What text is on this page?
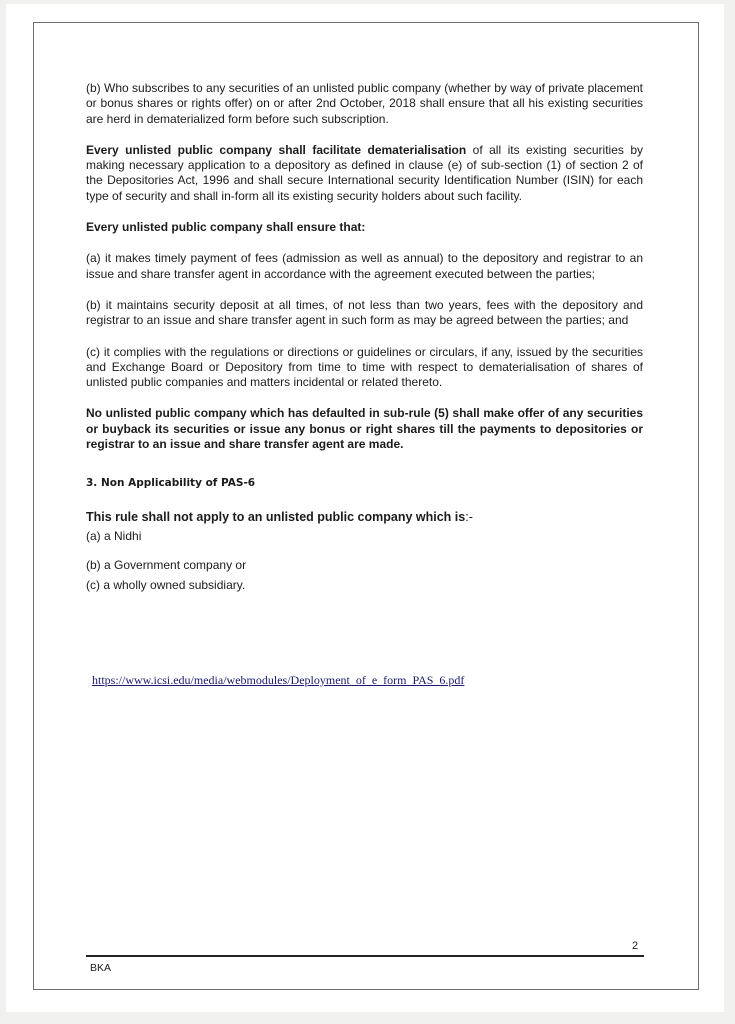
(b) Who subscribes to any securities of an unlisted public company (whether by way of private placement or bonus shares or rights offer) on or after 2nd October, 2018 shall ensure that all his existing securities are herd in dematerialized form before such subscription.

Every unlisted public company shall facilitate dematerialisation of all its existing securities by making necessary application to a depository as defined in clause (e) of sub-section (1) of section 2 of the Depositories Act, 1996 and shall secure International security Identification Number (ISIN) for each type of security and shall in-form all its existing security holders about such facility.

Every unlisted public company shall ensure that:

(a) it makes timely payment of fees (admission as well as annual) to the depository and registrar to an issue and share transfer agent in accordance with the agreement executed between the parties;

(b) it maintains security deposit at all times, of not less than two years, fees with the depository and registrar to an issue and share transfer agent in such form as may be agreed between the parties; and

(c) it complies with the regulations or directions or guidelines or circulars, if any, issued by the securities and Exchange Board or Depository from time to time with respect to dematerialisation of shares of unlisted public companies and matters incidental or related thereto.

No unlisted public company which has defaulted in sub-rule (5) shall make offer of any securities or buyback its securities or issue any bonus or right shares till the payments to depositories or registrar to an issue and share transfer agent are made.

3. Non Applicability of PAS-6

This rule shall not apply to an unlisted public company which is:-

(a) a Nidhi

(b) a Government company or

(c) a wholly owned subsidiary.

https://www.icsi.edu/media/webmodules/Deployment_of_e_form_PAS_6.pdf
2
BKA
